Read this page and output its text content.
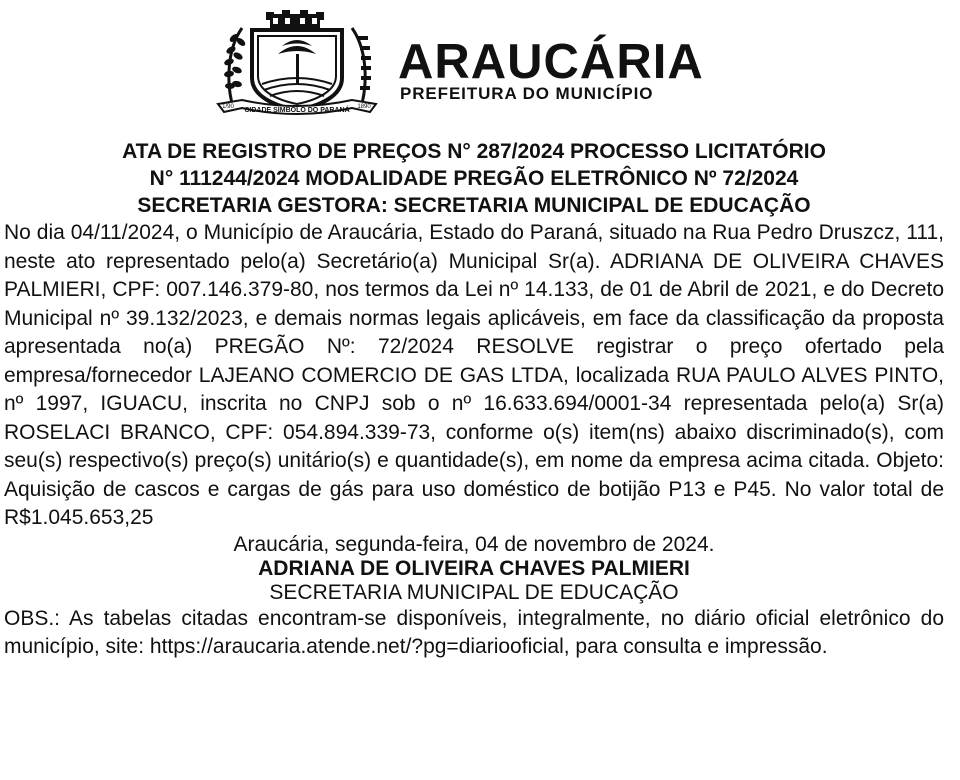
CIDADE SÍMBOLO DO PARANÁ
1/90	1890
ARAUCÁRIA
PREFEITURA DO MUNICÍPIO
ATA DE REGISTRO DE PREÇOS N° 287/2024 PROCESSO LICITATÓRIO
N° 111244/2024 MODALIDADE PREGÃO ELETRÔNICO Nº 72/2024
SECRETARIA GESTORA: SECRETARIA MUNICIPAL DE EDUCAÇÃO
No dia 04/11/2024, o Município de Araucária, Estado do Paraná, situado na Rua Pedro Druszcz, 111, neste ato representado pelo(a) Secretário(a) Municipal Sr(a). ADRIANA DE OLIVEIRA CHAVES PALMIERI, CPF: 007.146.379-80, nos termos da Lei nº 14.133, de 01 de Abril de 2021, e do Decreto Municipal nº 39.132/2023, e demais normas legais aplicáveis, em face da classificação da proposta apresentada no(a) PREGÃO Nº: 72/2024 RESOLVE registrar o preço ofertado pela empresa/fornecedor LAJEANO COMERCIO DE GAS LTDA, localizada RUA PAULO ALVES PINTO, nº 1997, IGUACU, inscrita no CNPJ sob o nº 16.633.694/0001-34 representada pelo(a) Sr(a) ROSELACI BRANCO, CPF: 054.894.339-73, conforme o(s) item(ns) abaixo discriminado(s), com seu(s) respectivo(s) preço(s) unitário(s) e quantidade(s), em nome da empresa acima citada. Objeto: Aquisição de cascos e cargas de gás para uso doméstico de botijão P13 e P45. No valor total de R$1.045.653,25
Araucária, segunda-feira, 04 de novembro de 2024.
ADRIANA DE OLIVEIRA CHAVES PALMIERI
SECRETARIA MUNICIPAL DE EDUCAÇÃO
OBS.: As tabelas citadas encontram-se disponíveis, integralmente, no diário oficial eletrônico do município, site: https://araucaria.atende.net/?pg=diariooficial, para consulta e impressão.
